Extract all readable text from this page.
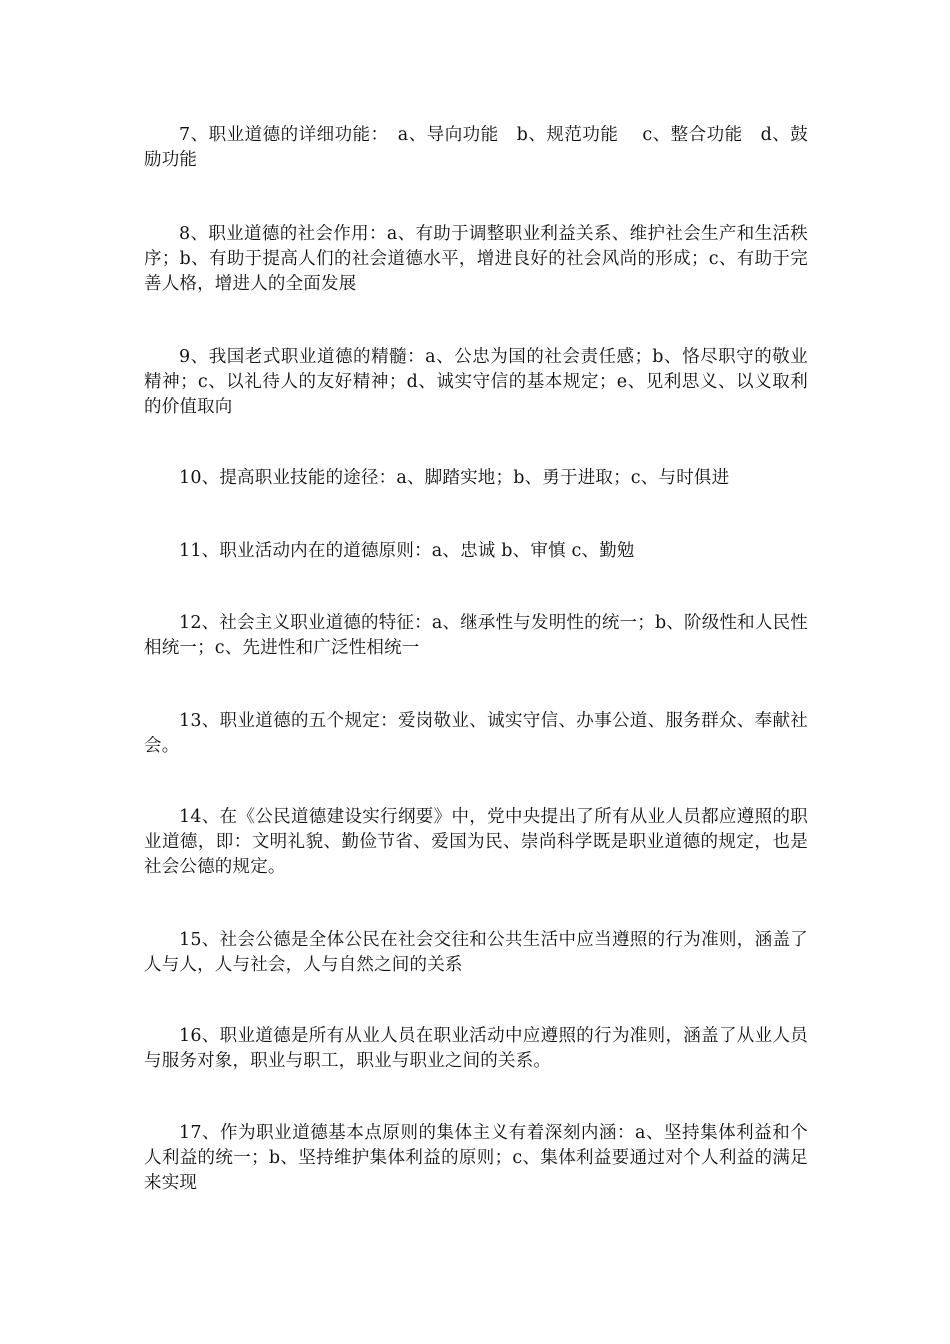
7、职业道德的详细功能：　a、导向功能　b、规范功能　 c、整合功能　d、鼓励功能

8、职业道德的社会作用：a、有助于调整职业利益关系、维护社会生产和生活秩序；b、有助于提高人们的社会道德水平，增进良好的社会风尚的形成；c、有助于完善人格，增进人的全面发展

9、我国老式职业道德的精髓：a、公忠为国的社会责任感；b、恪尽职守的敬业精神；c、以礼待人的友好精神；d、诚实守信的基本规定；e、见利思义、以义取利的价值取向

10、提高职业技能的途径：a、脚踏实地；b、勇于进取；c、与时俱进

11、职业活动内在的道德原则：a、忠诚 b、审慎 c、勤勉

12、社会主义职业道德的特征：a、继承性与发明性的统一；b、阶级性和人民性相统一；c、先进性和广泛性相统一

13、职业道德的五个规定：爱岗敬业、诚实守信、办事公道、服务群众、奉献社会。

14、在《公民道德建设实行纲要》中，党中央提出了所有从业人员都应遵照的职业道德，即：文明礼貌、勤俭节省、爱国为民、崇尚科学既是职业道德的规定，也是社会公德的规定。

15、社会公德是全体公民在社会交往和公共生活中应当遵照的行为准则，涵盖了人与人，人与社会，人与自然之间的关系

16、职业道德是所有从业人员在职业活动中应遵照的行为准则，涵盖了从业人员与服务对象，职业与职工，职业与职业之间的关系。

17、作为职业道德基本点原则的集体主义有着深刻内涵：a、坚持集体利益和个人利益的统一；b、坚持维护集体利益的原则；c、集体利益要通过对个人利益的满足来实现
